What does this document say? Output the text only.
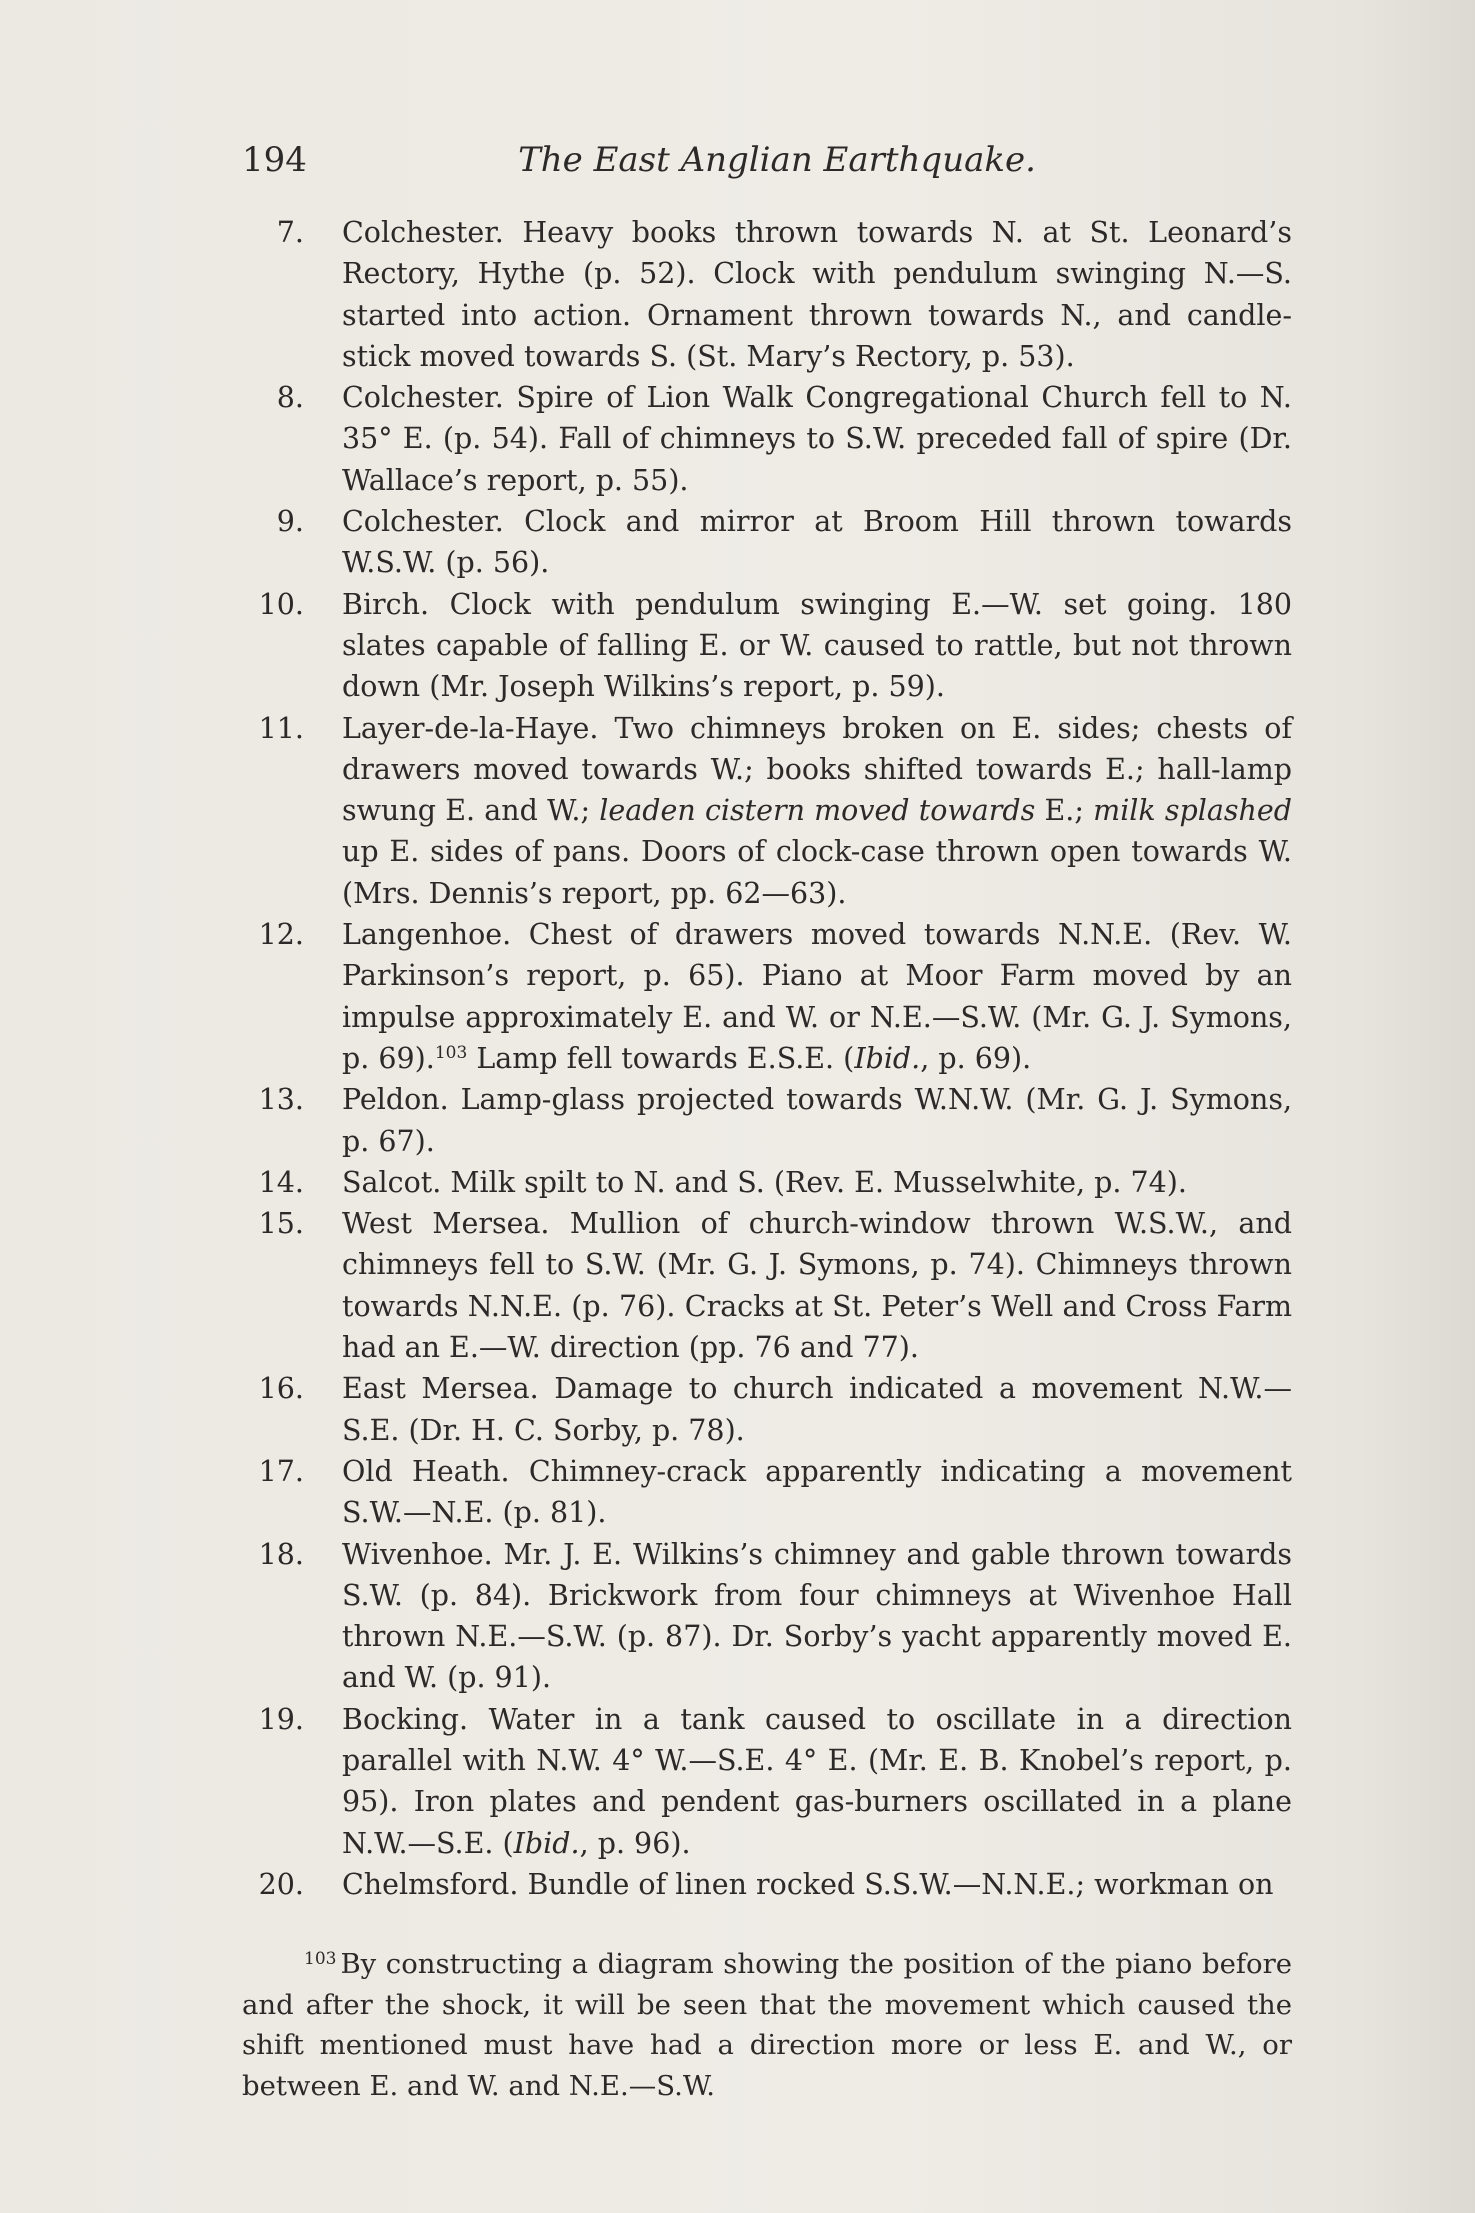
194	The East Anglian Earthquake.
7. Colchester. Heavy books thrown towards N. at St. Leonard’s Rectory, Hythe (p. 52). Clock with pendulum swinging N.—S. started into action. Ornament thrown towards N., and candle-stick moved towards S. (St. Mary’s Rectory, p. 53).
8. Colchester. Spire of Lion Walk Congregational Church fell to N. 35° E. (p. 54). Fall of chimneys to S.W. preceded fall of spire (Dr. Wallace’s report, p. 55).
9. Colchester. Clock and mirror at Broom Hill thrown towards W.S.W. (p. 56).
10. Birch. Clock with pendulum swinging E.—W. set going. 180 slates capable of falling E. or W. caused to rattle, but not thrown down (Mr. Joseph Wilkins’s report, p. 59).
11. Layer-de-la-Haye. Two chimneys broken on E. sides; chests of drawers moved towards W.; books shifted towards E.; hall-lamp swung E. and W.; leaden cistern moved towards E.; milk splashed up E. sides of pans. Doors of clock-case thrown open towards W. (Mrs. Dennis’s report, pp. 62—63).
12. Langenhoe. Chest of drawers moved towards N.N.E. (Rev. W. Parkinson’s report, p. 65). Piano at Moor Farm moved by an impulse approximately E. and W. or N.E.—S.W. (Mr. G. J. Symons, p. 69).$^{103}$ Lamp fell towards E.S.E. (Ibid., p. 69).
13. Peldon. Lamp-glass projected towards W.N.W. (Mr. G. J. Symons, p. 67).
14. Salcot. Milk spilt to N. and S. (Rev. E. Musselwhite, p. 74).
15. West Mersea. Mullion of church-window thrown W.S.W., and chimneys fell to S.W. (Mr. G. J. Symons, p. 74). Chimneys thrown towards N.N.E. (p. 76). Cracks at St. Peter’s Well and Cross Farm had an E.—W. direction (pp. 76 and 77).
16. East Mersea. Damage to church indicated a movement N.W.—S.E. (Dr. H. C. Sorby, p. 78).
17. Old Heath. Chimney-crack apparently indicating a movement S.W.—N.E. (p. 81).
18. Wivenhoe. Mr. J. E. Wilkins’s chimney and gable thrown towards S.W. (p. 84). Brickwork from four chimneys at Wivenhoe Hall thrown N.E.—S.W. (p. 87). Dr. Sorby’s yacht apparently moved E. and W. (p. 91).
19. Bocking. Water in a tank caused to oscillate in a direction parallel with N.W. 4° W.—S.E. 4° E. (Mr. E. B. Knobel’s report, p. 95). Iron plates and pendent gas-burners oscillated in a plane N.W.—S.E. (Ibid., p. 96).
20. Chelmsford. Bundle of linen rocked S.S.W.—N.N.E.; workman on
$^{103}$ By constructing a diagram showing the position of the piano before and after the shock, it will be seen that the movement which caused the shift mentioned must have had a direction more or less E. and W., or between E. and W. and N.E.—S.W.
